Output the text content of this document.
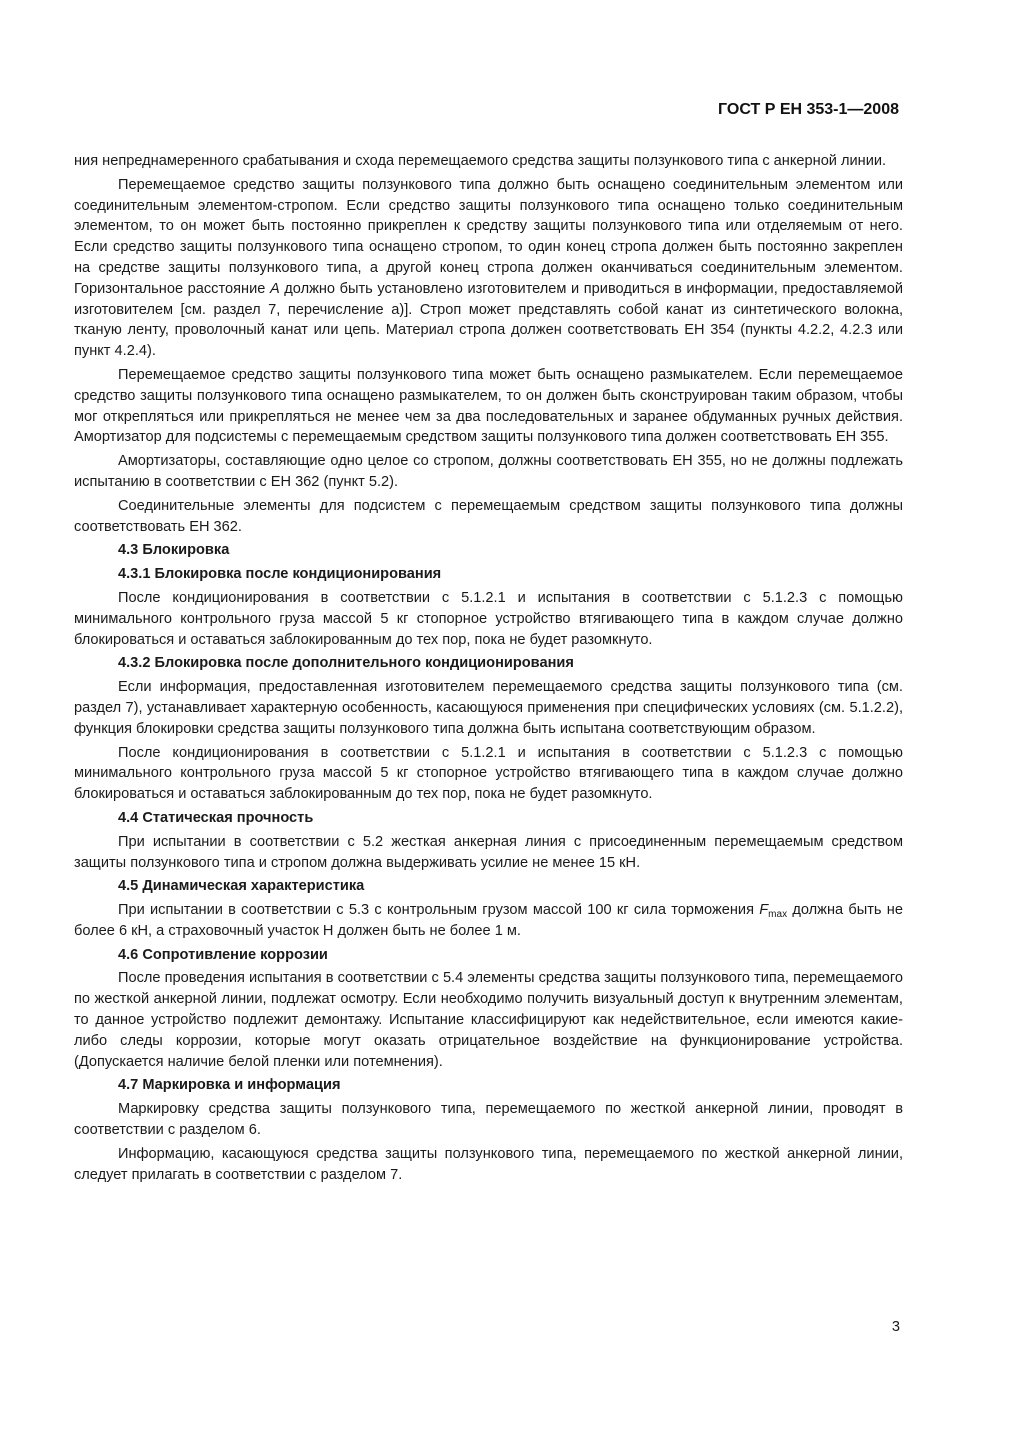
ГОСТ Р ЕН 353-1—2008

ния непреднамеренного срабатывания и схода перемещаемого средства защиты ползункового типа с анкерной линии.

Перемещаемое средство защиты ползункового типа должно быть оснащено соединительным элементом или соединительным элементом-стропом. Если средство защиты ползункового типа оснащено только соединительным элементом, то он может быть постоянно прикреплен к средству защиты ползункового типа или отделяемым от него. Если средство защиты ползункового типа оснащено стропом, то один конец стропа должен быть постоянно закреплен на средстве защиты ползункового типа, а другой конец стропа должен оканчиваться соединительным элементом. Горизонтальное расстояние A должно быть установлено изготовителем и приводиться в информации, предоставляемой изготовителем [см. раздел 7, перечисление а)]. Строп может представлять собой канат из синтетического волокна, тканую ленту, проволочный канат или цепь. Материал стропа должен соответствовать ЕН 354 (пункты 4.2.2, 4.2.3 или пункт 4.2.4).

Перемещаемое средство защиты ползункового типа может быть оснащено размыкателем. Если перемещаемое средство защиты ползункового типа оснащено размыкателем, то он должен быть сконструирован таким образом, чтобы мог открепляться или прикрепляться не менее чем за два последовательных и заранее обдуманных ручных действия. Амортизатор для подсистемы с перемещаемым средством защиты ползункового типа должен соответствовать ЕН 355.

Амортизаторы, составляющие одно целое со стропом, должны соответствовать ЕН 355, но не должны подлежать испытанию в соответствии с ЕН 362 (пункт 5.2).

Соединительные элементы для подсистем с перемещаемым средством защиты ползункового типа должны соответствовать ЕН 362.

4.3 Блокировка
4.3.1 Блокировка после кондиционирования

После кондиционирования в соответствии с 5.1.2.1 и испытания в соответствии с 5.1.2.3 с помощью минимального контрольного груза массой 5 кг стопорное устройство втягивающего типа в каждом случае должно блокироваться и оставаться заблокированным до тех пор, пока не будет разомкнуто.

4.3.2 Блокировка после дополнительного кондиционирования

Если информация, предоставленная изготовителем перемещаемого средства защиты ползункового типа (см. раздел 7), устанавливает характерную особенность, касающуюся применения при специфических условиях (см. 5.1.2.2), функция блокировки средства защиты ползункового типа должна быть испытана соответствующим образом.

После кондиционирования в соответствии с 5.1.2.1 и испытания в соответствии с 5.1.2.3 с помощью минимального контрольного груза массой 5 кг стопорное устройство втягивающего типа в каждом случае должно блокироваться и оставаться заблокированным до тех пор, пока не будет разомкнуто.

4.4 Статическая прочность

При испытании в соответствии с 5.2 жесткая анкерная линия с присоединенным перемещаемым средством защиты ползункового типа и стропом должна выдерживать усилие не менее 15 кН.

4.5 Динамическая характеристика

При испытании в соответствии с 5.3 с контрольным грузом массой 100 кг сила торможения $F_{max}$ должна быть не более 6 кН, а страховочный участок Н должен быть не более 1 м.

4.6 Сопротивление коррозии

После проведения испытания в соответствии с 5.4 элементы средства защиты ползункового типа, перемещаемого по жесткой анкерной линии, подлежат осмотру. Если необходимо получить визуальный доступ к внутренним элементам, то данное устройство подлежит демонтажу. Испытание классифицируют как недействительное, если имеются какие-либо следы коррозии, которые могут оказать отрицательное воздействие на функционирование устройства. (Допускается наличие белой пленки или потемнения).

4.7 Маркировка и информация

Маркировку средства защиты ползункового типа, перемещаемого по жесткой анкерной линии, проводят в соответствии с разделом 6.

Информацию, касающуюся средства защиты ползункового типа, перемещаемого по жесткой анкерной линии, следует прилагать в соответствии с разделом 7.

3
